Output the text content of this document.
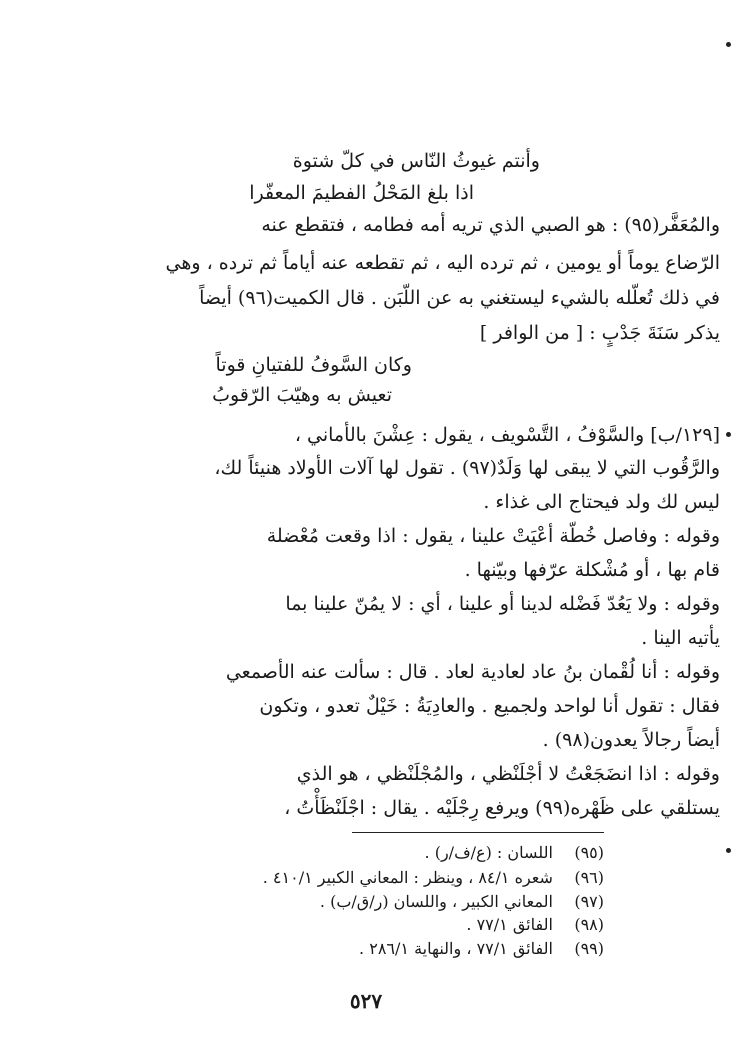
وأنتم غيوثُ النّاس في كلّ شتوة
اذا بلغ المَحْلُ الفطيمَ المعفّرا
والمُعَفَّر(٩٥) : هو الصبي الذي تريه أمه فطامه ، فتقطع عنه
الرّضاع يوماً أو يومين ، ثم ترده اليه ، ثم تقطعه عنه أياماً ثم ترده ، وهي
في ذلك تُعلّله بالشيء ليستغني به عن اللّبَن . قال الكميت(٩٦) أيضاً
يذكر سَنَةَ جَدْبٍ : [ من الوافر ]
وكان السَّوفُ للفتيانِ قوتاً
تعيش به وهيّبَ الرّقوبُ
[١٢٩/ب] والسَّوْفُ ، التَّسْويف ، يقول : عِشْنَ بالأماني ،
والرَّقُوب التي لا يبقى لها وَلَدٌ(٩٧) . تقول لها آلات الأولاد هنيئاً لك،
ليس لك ولد فيحتاج الى غذاء .
وقوله : وفاصل خُطّة أعْيَتْ علينا ، يقول : اذا وقعت مُعْضلة
قام بها ، أو مُشْكلة عرّفها وبيّنها .
وقوله : ولا يَعُدّ فَضْله لدينا أو علينا ، أي : لا يمُنّ علينا بما
يأتيه الينا .
وقوله : أنا لُقْمان بنُ عاد لعادية لعاد . قال : سألت عنه الأصمعي
فقال : تقول أنا لواحد ولجميع . والعادِيَةُ : خَيْلٌ تعدو ، وتكون
أيضاً رجالاً يعدون(٩٨) .
وقوله : اذا انضَجَعْتُ لا أجْلَنْظي ، والمُجْلَنْظي ، هو الذي
يستلقي على ظَهْره(٩٩) ويرفع رِجْلَيْه . يقال : اجْلَنْظَأْتُ ،
(٩٥) اللسان : (ع/ف/ر) .
(٩٦) شعره ٨٤/١ ، وينظر : المعاني الكبير ٤١٠/١ .
(٩٧) المعاني الكبير ، واللسان (ر/ق/ب) .
(٩٨) الفائق ٧٧/١ .
(٩٩) الفائق ٧٧/١ ، والنهاية ٢٨٦/١ .
٥٢٧
